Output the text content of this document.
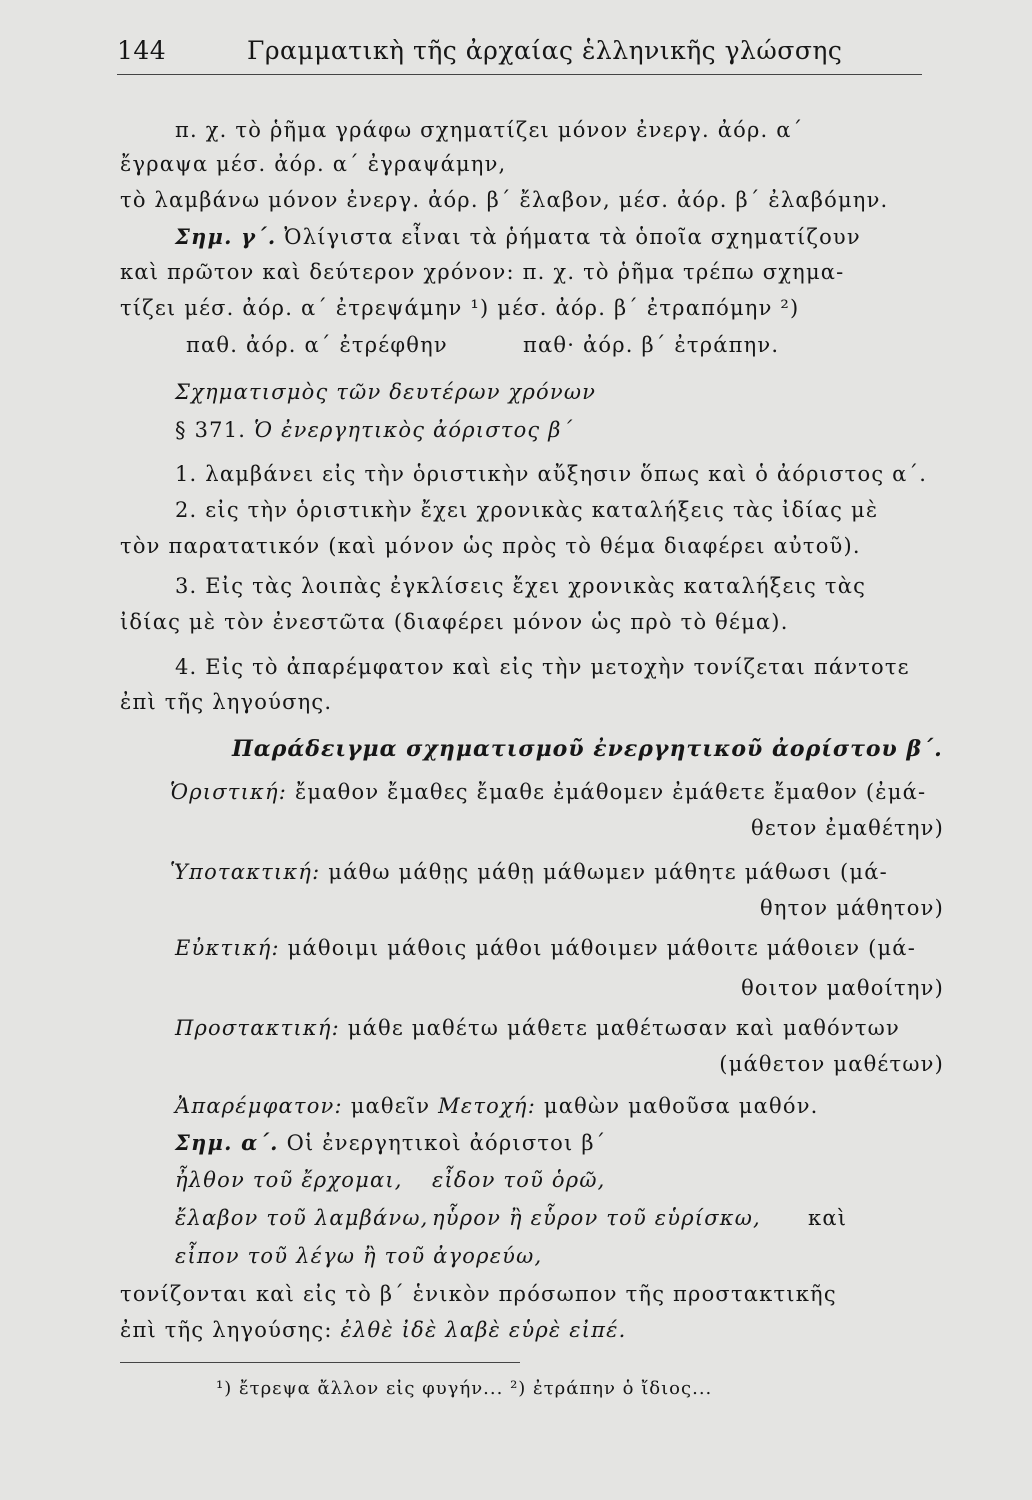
144	Γραμματικὴ τῆς ἀρχαίας ἑλληνικῆς γλώσσης
π. χ. τὸ ῥῆμα γράφω σχηματίζει μόνον ἐνεργ. ἀόρ. α΄
ἔγραψα μέσ. ἀόρ. α΄ ἐγραψάμην,
τὸ λαμβάνω μόνον ἐνεργ. ἀόρ. β΄ ἔλαβον, μέσ. ἀόρ. β΄ ἐλαβόμην.
Σημ. γ΄. Ὀλίγιστα εἶναι τὰ ῥήματα τὰ ὁποῖα σχηματίζουν
καὶ πρῶτον καὶ δεύτερον χρόνον: π. χ. τὸ ῥῆμα τρέπω σχημα-
τίζει μέσ. ἀόρ. α΄ ἐτρεψάμην ¹) μέσ. ἀόρ. β΄ ἐτραπόμην ²)
παθ. ἀόρ. α΄ ἐτρέφθην	παθ· ἀόρ. β΄ ἐτράπην.
Σχηματισμὸς τῶν δευτέρων χρόνων
§ 371. Ὁ ἐνεργητικὸς ἀόριστος β΄
1. λαμβάνει εἰς τὴν ὁριστικὴν αὔξησιν ὅπως καὶ ὁ ἀόριστος α΄.
2. εἰς τὴν ὁριστικὴν ἔχει χρονικὰς καταλήξεις τὰς ἰδίας μὲ
τὸν παρατατικόν (καὶ μόνον ὡς πρὸς τὸ θέμα διαφέρει αὐτοῦ).
3. Εἰς τὰς λοιπὰς ἐγκλίσεις ἔχει χρονικὰς καταλήξεις τὰς
ἰδίας μὲ τὸν ἐνεστῶτα (διαφέρει μόνον ὡς πρὸ τὸ θέμα).
4. Εἰς τὸ ἀπαρέμφατον καὶ εἰς τὴν μετοχὴν τονίζεται πάντοτε
ἐπὶ τῆς ληγούσης.
Παράδειγμα σχηματισμοῦ ἐνεργητικοῦ ἀορίστου β΄.
Ὁριστική: ἔμαθον ἔμαθες ἔμαθε ἐμάθομεν ἐμάθετε ἔμαθον (ἐμά-
θετον ἐμαθέτην)
Ὑποτακτική: μάθω μάθῃς μάθῃ μάθωμεν μάθητε μάθωσι (μά-
θητον μάθητον)
Εὐκτική: μάθοιμι μάθοις μάθοι μάθοιμεν μάθοιτε μάθοιεν (μά-
θοιτον μαθοίτην)
Προστακτική: μάθε μαθέτω μάθετε μαθέτωσαν καὶ μαθόντων
(μάθετον μαθέτων)
Ἀπαρέμφατον: μαθεῖν Μετοχή: μαθὼν μαθοῦσα μαθόν.
Σημ. α΄. Οἱ ἐνεργητικοὶ ἀόριστοι β΄
ἦλθον τοῦ ἔρχομαι, εἶδον τοῦ ὁρῶ,
ἔλαβον τοῦ λαμβάνω, ηὗρον ἢ εὗρον τοῦ εὑρίσκω, καὶ
εἶπον τοῦ λέγω ἢ τοῦ ἀγορεύω,
τονίζονται καὶ εἰς τὸ β΄ ἑνικὸν πρόσωπον τῆς προστακτικῆς
ἐπὶ τῆς ληγούσης: ἐλθὲ ἰδὲ λαβὲ εὑρὲ εἰπέ.
¹) ἔτρεψα ἄλλον εἰς φυγήν... ²) ἐτράπην ὁ ἴδιος...
